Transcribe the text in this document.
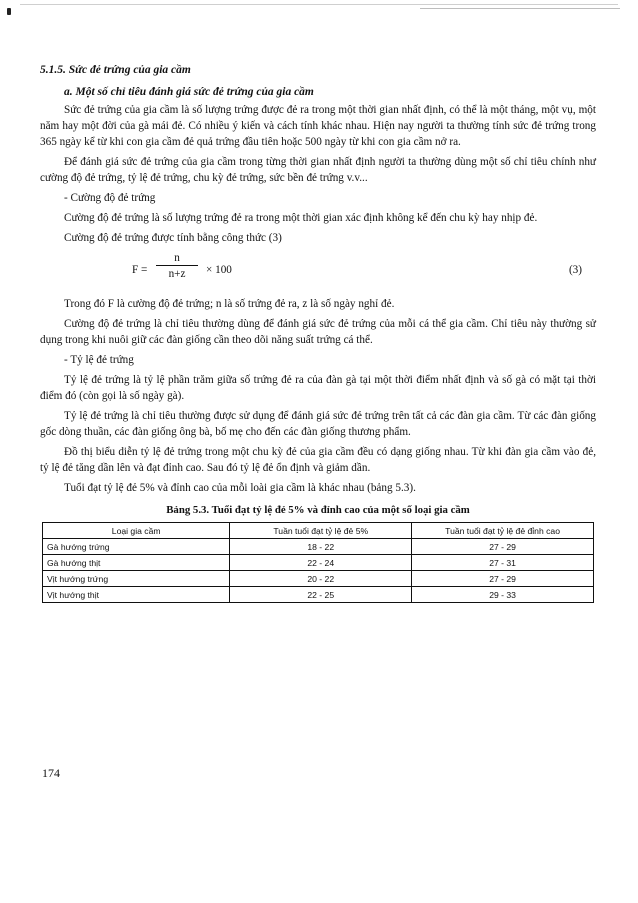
5.1.5. Sức đẻ trứng của gia cầm
a. Một số chỉ tiêu đánh giá sức đẻ trứng của gia cầm

Sức đẻ trứng của gia cầm là số lượng trứng được đẻ ra trong một thời gian nhất định, có thể là một tháng, một vụ, một năm hay một đời của gà mái đẻ. Có nhiều ý kiến và cách tính khác nhau. Hiện nay người ta thường tính sức đẻ trứng trong 365 ngày kể từ khi con gia cầm đẻ quả trứng đầu tiên hoặc 500 ngày từ khi con gia cầm nở ra.

Để đánh giá sức đẻ trứng của gia cầm trong từng thời gian nhất định người ta thường dùng một số chỉ tiêu chính như cường độ đẻ trứng, tỷ lệ đẻ trứng, chu kỳ đẻ trứng, sức bền đẻ trứng v.v...

- Cường độ đẻ trứng

Cường độ đẻ trứng là số lượng trứng đẻ ra trong một thời gian xác định không kể đến chu kỳ hay nhịp đẻ.

Cường độ đẻ trứng được tính bằng công thức (3)

$F = \frac{n}{n+z} \times 100$	(3)

Trong đó F là cường độ đẻ trứng; n là số trứng đẻ ra, z là số ngày nghỉ đẻ.

Cường độ đẻ trứng là chỉ tiêu thường dùng để đánh giá sức đẻ trứng của mỗi cá thể gia cầm. Chỉ tiêu này thường sử dụng trong khi nuôi giữ các đàn giống cần theo dõi năng suất trứng cá thể.

- Tỷ lệ đẻ trứng

Tỷ lệ đẻ trứng là tỷ lệ phần trăm giữa số trứng đẻ ra của đàn gà tại một thời điểm nhất định và số gà có mặt tại thời điểm đó (còn gọi là số ngày gà).

Tỷ lệ đẻ trứng là chỉ tiêu thường được sử dụng để đánh giá sức đẻ trứng trên tất cả các đàn gia cầm. Từ các đàn giống gốc dòng thuần, các đàn giống ông bà, bố mẹ cho đến các đàn giống thương phẩm.

Đồ thị biểu diễn tỷ lệ đẻ trứng trong một chu kỳ đẻ của gia cầm đều có dạng giống nhau. Từ khi đàn gia cầm vào đẻ, tỷ lệ đẻ tăng dần lên và đạt đỉnh cao. Sau đó tỷ lệ đẻ ổn định và giảm dần.

Tuổi đạt tỷ lệ đẻ 5% và đỉnh cao của mỗi loài gia cầm là khác nhau (bảng 5.3).

Bảng 5.3. Tuổi đạt tỷ lệ đẻ 5% và đỉnh cao của một số loại gia cầm
Loại gia cầm	Tuần tuổi đạt tỷ lệ đẻ 5%	Tuần tuổi đạt tỷ lệ đẻ đỉnh cao
Gà hướng trứng	18 - 22	27 - 29
Gà hướng thịt	22 - 24	27 - 31
Vịt hướng trứng	20 - 22	27 - 29
Vịt hướng thịt	22 - 25	29 - 33
174
